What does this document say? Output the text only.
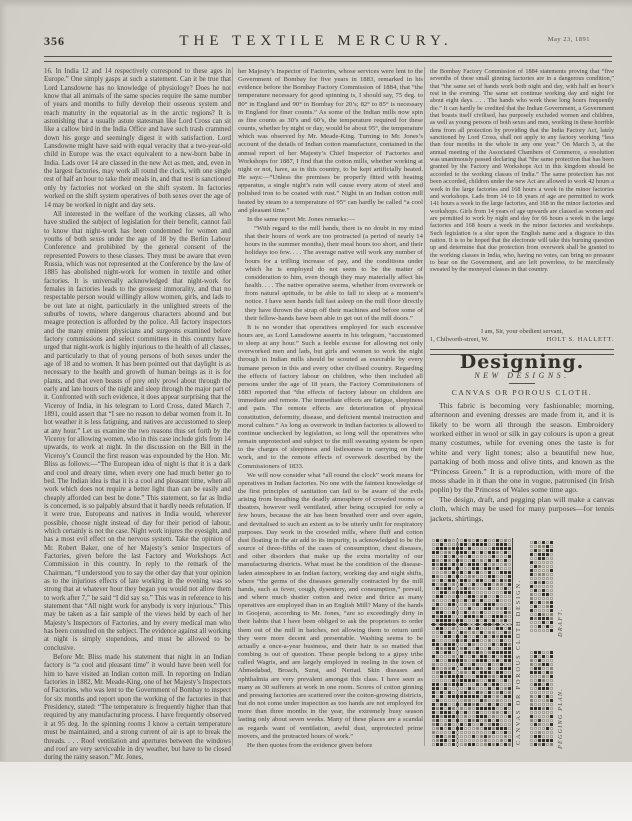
356	THE TEXTILE MERCURY.	May 23, 1891

16. In India 12 and 14 respectively correspond to these ages in Europe.” One simply gasps at such a statement. Can it be true that Lord Lansdowne has no knowledge of physiology? Does he not know that all animals of the same species require the same number of years and months to fully develop their osseous system and reach maturity in the equatorial as in the arctic regions? It is astonishing that a usually astute statesman like Lord Cross can sit like a callow bird in the India Office and have such trash crammed down his gorge and seemingly digest it with satisfaction. Lord Lansdowne might have said with equal veracity that a two-year-old child in Europe was the exact equivalent to a new-born babe in India. Lads over 14 are classed in the new Act as men, and, even in the largest factories, may work all round the clock, with one single rest of half an hour to take their meals in, and that rest is sanctioned only by factories not worked on the shift system. In factories worked on the shift system operatives of both sexes over the age of 14 may be worked in night and day sets.

All interested in the welfare of the working classes, all who have studied the subject of legislation for their benefit, cannot fail to know that night-work has been condemned for women and youths of both sexes under the age of 18 by the Berlin Labour Conference and prohibited by the general consent of the represented Powers to these classes. They must be aware that even Russia, which was not represented at the Conference by the law of 1885 has abolished night-work for women in textile and other factories. It is universally acknowledged that night-work for females in factories leads to the grossest immorality, and that no respectable person would willingly allow women, girls, and lads to be out late at night, particularly in the unlighted streets of the suburbs of towns, where dangerous characters abound and but meagre protection is afforded by the police. All factory inspectors and the many eminent physicians and surgeons examined before factory commissions and select committees in this country have urged that night-work is highly injurious to the health of all classes, and particularly to that of young persons of both sexes under the age of 18 and to women. It has been pointed out that daylight is as necessary to the health and growth of human beings as it is for plants, and that even beasts of prey only prowl about through the early and late hours of the night and sleep through the major part of it. Confronted with such evidence, it does appear surprising that the Viceroy of India, in his telegram to Lord Cross, dated March 7, 1891, could assert that “I see no reason to debar women from it. In hot weather it is less fatiguing, and natives are accustomed to sleep at any hour.” Let us examine the two reasons thus set forth by the Viceroy for allowing women, who in this case include girls from 14 upwards, to work at night. In the discussion on the Bill in the Viceroy’s Council the first reason was expounded by the Hon. Mr. Bliss as follows:—“The European idea of night is that it is a dark and cool and dreary time, when every one had much better go to bed. The Indian idea is that it is a cool and pleasant time, when all work which does not require a better light than can be easily and cheaply afforded can best be done.” This statement, so far as India is concerned, is so palpably absurd that it hardly needs refutation. If it were true, Europeans and natives in India would, wherever possible, choose night instead of day for their period of labour, which certainly is not the case. Night work injures the eyesight, and has a most evil effect on the nervous system. Take the opinion of Mr. Robert Baker, one of her Majesty’s senior Inspectors of Factories, given before the last Factory and Workshops Act Commission in this country. In reply to the remark of the Chairman, “I understood you to say the other day that your opinion as to the injurious effects of late working in the evening was so strong that at whatever hour they began you would not allow them to work after 7,” he said “I did say so.” This was in reference to his statement that “All night work for anybody is very injurious.” This may be taken as a fair sample of the views held by each of her Majesty’s Inspectors of Factories, and by every medical man who has been consulted on the subject. The evidence against all working at night is simply stupendous, and must be allowed to be conclusive.

Before Mr. Bliss made his statement that night in an Indian factory is “a cool and pleasant time” it would have been well for him to have visited an Indian cotton mill. In reporting on Indian factories in 1882, Mr. Meade-King, one of her Majesty’s Inspectors of Factories, who was lent to the Government of Bombay to inspect for six months and report upon the working of the factories in that Presidency, stated: “The temperature is frequently higher than that required by any manufacturing process. I have frequently observed it at 95 deg. In the spinning rooms I know a certain temperature must be maintained, and a strong current of air is apt to break the threads. . . . Roof ventilation and apertures between the windows and roof are very serviceable in dry weather, but have to be closed during the rainy season.” Mr. Jones,

her Majesty’s Inspector of Factories, whose services were lent to the Government of Bombay for five years in 1883, remarked in his evidence before the Bombay Factory Commission of 1884, that “the temperature necessary for good spinning is, I should say, 75 deg. to 80° in England and 90° in Bombay for 20’s; 82° to 85° is necessary in England for finer counts.” As some of the Indian mills now spin as fine counts as 30’s and 60’s, the temperature required for these counts, whether by night or day, would be about 95°, the temperature which was observed by Mr. Meade-King. Turning to Mr. Jones’s account of the details of Indian cotton manufacture, contained in the annual report of her Majesty’s Chief Inspector of Factories and Workshops for 1887, I find that the cotton mills, whether working at night or not, have, as in this country, to be kept artificially heated. He says:—“Unless the premises be properly fitted with heating apparatus, a single night’s rain will cause every atom of steel and polished iron to be coated with rust.” Night in an Indian cotton mill heated by steam to a temperature of 95° can hardly be called “a cool and pleasant time.”

In the same report Mr. Jones remarks:—

“With regard to the mill hands, there is no doubt in my mind that their hours of work are too protracted (a period of nearly 14 hours in the summer months), their meal hours too short, and their holidays too few. . . . The average native will work any number of hours for a trifling increase of pay, and the conditions under which he is employed do not seem to be the matter of consideration to him, even though they may materially affect his health. . . . The native operative seems, whether from overwork or from natural aptitude, to be able to fall to sleep at a moment’s notice. I have seen hands fall fast asleep on the mill floor directly they have thrown the strap off their machines and before some of their fellow-hands have been able to get out of the mill doors.”

It is no wonder that operatives employed for such excessive hours are, as Lord Lansdowne asserts in his telegram, “accustomed to sleep at any hour.” Such a feeble excuse for allowing not only overworked men and lads, but girls and women to work the night through in Indian mills should be scouted as execrable by every humane person in this and every other civilised country. Regarding the effects of factory labour on children, who then included all persons under the age of 18 years, the Factory Commissioners of 1883 reported that “the effects of factory labour on children are immediate and remote. The immediate effects are fatigue, sleepiness and pain. The remote effects are deterioration of physical constitution, deformity, disease, and deficient mental instruction and moral culture.” As long as overwork in Indian factories is allowed to continue unchecked by legislation, so long will the operatives who remain unprotected and subject to the mill sweating system be open to the charges of sleepiness and listlessness in carrying on their work, and to the remote effects of overwork described by the Commissioners of 1833.

We will now consider what “all round the clock” work means for operatives in Indian factories. No one with the faintest knowledge of the first principles of sanitation can fail to be aware of the evils arising from breathing the deadly atmosphere of crowded rooms or theatres, however well ventilated, after being occupied for only a few hours, because the air has been breathed over and over again, and devitalised to such an extent as to be utterly unfit for respiratory purposes. Day work in the crowded mills, where fluff and cotton dust floating in the air add to its impurity, is acknowledged to be the source of three-fifths of the cases of consumption, chest diseases, and other disorders that make up the extra mortality of our manufacturing districts. What must be the condition of the disease-laden atmosphere in an Indian factory, working day and night shifts, where “the germs of the diseases generally contracted by the mill hands, such as fever, cough, dysentery, and consumption,” prevail, and where much dustier cotton and twice and thrice as many operatives are employed than in an English Mill? Many of the hands in Goojerat, according to Mr. Jones, “are so exceedingly dirty in their habits that I have been obliged to ask the proprietors to order them out of the mill in batches, not allowing them to return until they were more decent and presentable. Washing seems to be actually a once-a-year business, and their hair is so matted that combing is out of question. These people belong to a gipsy tribe called Wagris, and are largely employed in reeling in the town of Ahmedabad, Broach, Surat, and Neriad. Skin diseases and ophthalmia are very prevalent amongst this class. I have seen as many as 30 sufferers at work in one room. Scores of cotton ginning and pressing factories are scattered over the cotton-growing districts, but do not come under inspection as too hands are not employed for more than three months in the year, the extremely busy season lasting only about seven weeks. Many of these places are a scandal as regards want of ventilation, awful dust, unprotected prime movers, and the protracted hours of work.”

He then quotes from the evidence given before

the Bombay Factory Commission of 1884 statements proving that “five sevenths of these small ginning factories are in a dangerous condition,” that “the same set of hands work both night and day, with half an hour’s rest in the evening. The same set continue working day and night for about eight days. . . . The hands who work these long hours frequently die.” It can hardly be credited that the Indian Government, a Government that boasts itself civilised, has purposely excluded women and children, as well as young persons of both sexes and men, working in these horrible dens from all protection by providing that the India Factory Act, lately sanctioned by Lord Cross, shall not apply to any factory working “less than four months in the whole in any one year.” On March 3, at the annual meeting of the Associated Chambers of Commerce, a resolution was unanimously passed declaring that “the same protection that has been granted by the Factory and Workshops Act in this kingdom should be accorded to the working classes of India.” The same protection has not been accorded, children under the new Act are allowed to work 42 hours a week in the large factories and 168 hours a week in the minor factories and workshops. Lads from 14 to 18 years of age are permitted to work 141 hours a week in the large factories, and 168 in the minor factories and workshops. Girls from 14 years of age upwards are classed as women and are permitted to work by night and day for 66 hours a week in the large factories and 168 hours a week in the minor factories and workshops. Such legislation is a slur upon the English name and a disgrace to this nation. It is to be hoped that the electorate will take this burning question up and determine that due protection from overwork shall be granted to the working classes in India, who, having no votes, can bring no pressure to bear on the Government, and are left powerless, to be mercilessly sweated by the moneyed classes in that country.

I am, Sir, your obedient servant,

1, Chilworth-street, W.	HOLT S. HALLETT.
Designing.
NEW DESIGNS.
CANVAS OR POROUS CLOTH.

This fabric is becoming very fashionable; morning, afternoon and evening dresses are made from it, and it is likely to be worn all through the season. Embroidery worked either in wool or silk in gay colours is upon a great many costumes, while for evening ones the taste is for white and very light tones; also a beautiful new hue, partaking of both moss and olive tints, and known as the “Princess Green.” It is a reproduction, with more of the moss shade in it than the one in vogue, patronised (in Irish poplin) by the Princess of Wales some time ago.

The design, draft, and pegging plan will make a canvas cloth, which may be used for many purposes—for tennis jackets, shirtings,

CANVAS OR POROUS CLOTH DESIGN.	DRAFT.
PEGGING PLAN.
